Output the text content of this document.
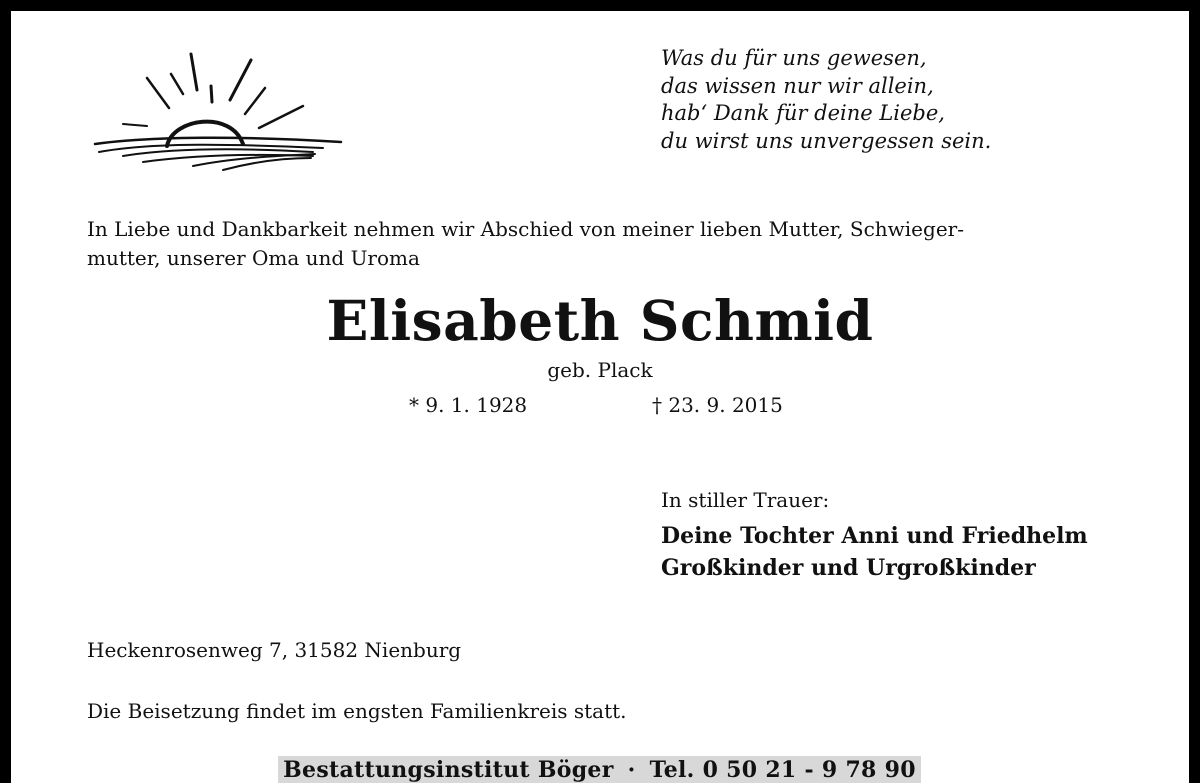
Was du für uns gewesen,
das wissen nur wir allein,
hab‘ Dank für deine Liebe,
du wirst uns unvergessen sein.
In Liebe und Dankbarkeit nehmen wir Abschied von meiner lieben Mutter, Schwieger-
mutter, unserer Oma und Uroma
Elisabeth Schmid
geb. Plack
* 9. 1. 1928	† 23. 9. 2015
In stiller Trauer:
Deine Tochter Anni und Friedhelm
Großkinder und Urgroßkinder
Heckenrosenweg 7, 31582 Nienburg
Die Beisetzung findet im engsten Familienkreis statt.
Bestattungsinstitut Böger · Tel. 0 50 21 - 9 78 90
